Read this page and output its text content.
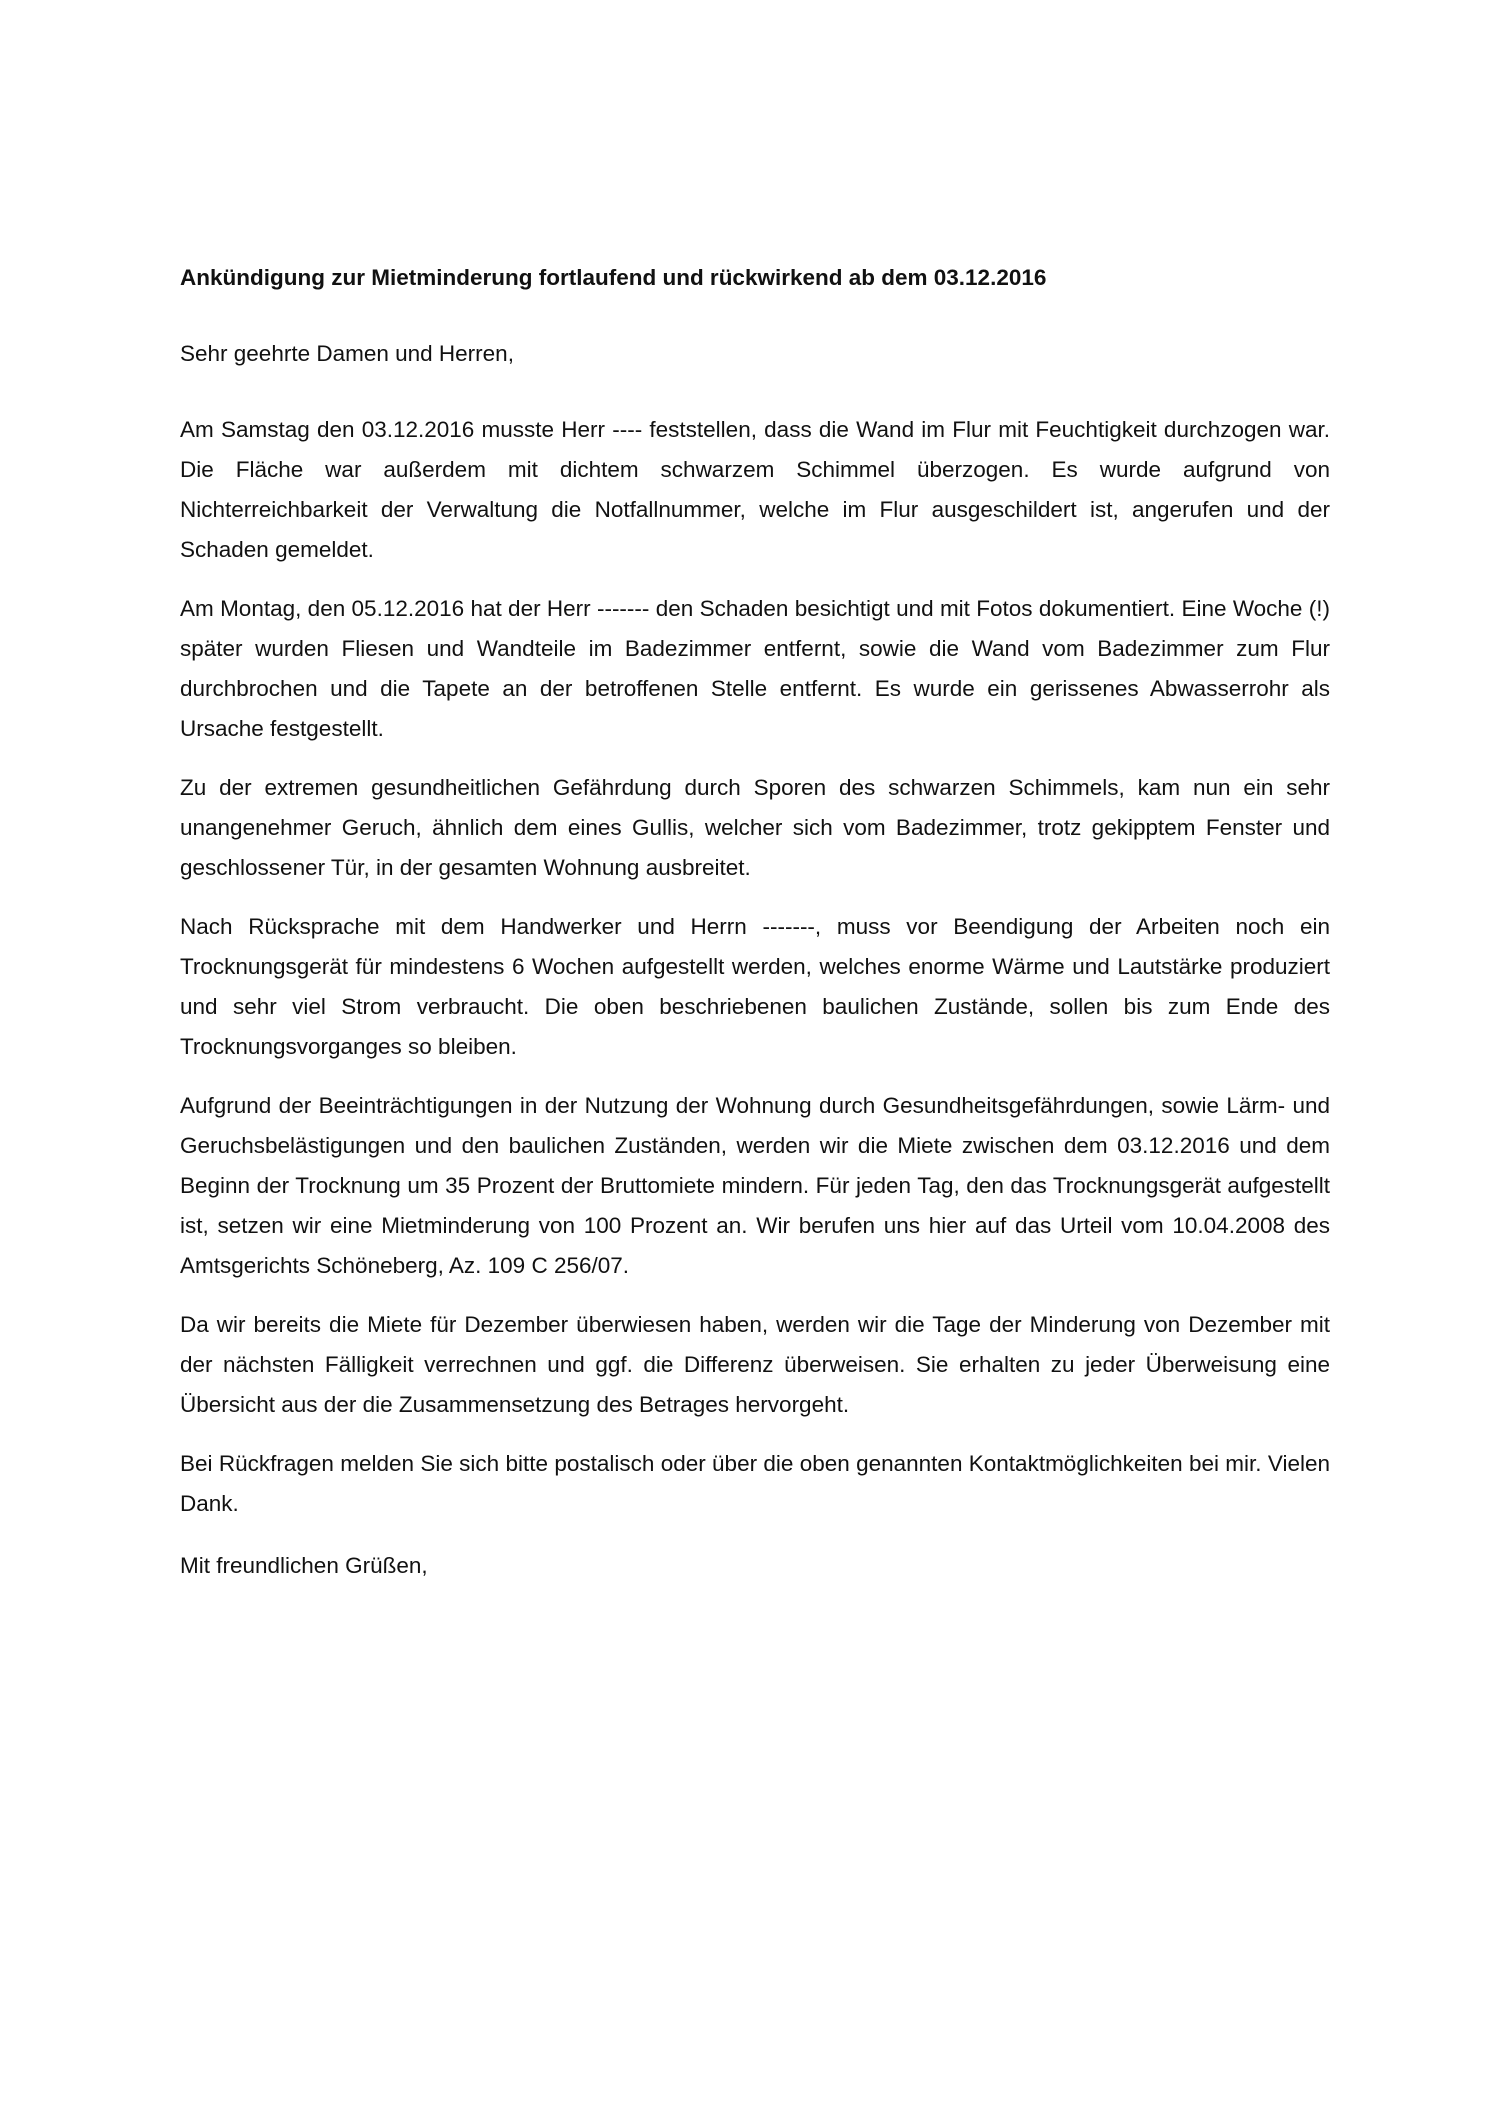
Ankündigung zur Mietminderung fortlaufend und rückwirkend ab dem 03.12.2016
Sehr geehrte Damen und Herren,

Am Samstag den 03.12.2016 musste Herr ---- feststellen, dass die Wand im Flur mit Feuchtigkeit durchzogen war. Die Fläche war außerdem mit dichtem schwarzem Schimmel überzogen. Es wurde aufgrund von Nichterreichbarkeit der Verwaltung die Notfallnummer, welche im Flur ausgeschildert ist, angerufen und der Schaden gemeldet.

Am Montag, den 05.12.2016 hat der Herr ------- den Schaden besichtigt und mit Fotos dokumentiert. Eine Woche (!) später wurden Fliesen und Wandteile im Badezimmer entfernt, sowie die Wand vom Badezimmer zum Flur durchbrochen und die Tapete an der betroffenen Stelle entfernt. Es wurde ein gerissenes Abwasserrohr als Ursache festgestellt.

Zu der extremen gesundheitlichen Gefährdung durch Sporen des schwarzen Schimmels, kam nun ein sehr unangenehmer Geruch, ähnlich dem eines Gullis, welcher sich vom Badezimmer, trotz gekipptem Fenster und geschlossener Tür, in der gesamten Wohnung ausbreitet.

Nach Rücksprache mit dem Handwerker und Herrn -------, muss vor Beendigung der Arbeiten noch ein Trocknungsgerät für mindestens 6 Wochen aufgestellt werden, welches enorme Wärme und Lautstärke produziert und sehr viel Strom verbraucht. Die oben beschriebenen baulichen Zustände, sollen bis zum Ende des Trocknungsvorganges so bleiben.

Aufgrund der Beeinträchtigungen in der Nutzung der Wohnung durch Gesundheitsgefährdungen, sowie Lärm- und Geruchsbelästigungen und den baulichen Zuständen, werden wir die Miete zwischen dem 03.12.2016 und dem Beginn der Trocknung um 35 Prozent der Bruttomiete mindern. Für jeden Tag, den das Trocknungsgerät aufgestellt ist, setzen wir eine Mietminderung von 100 Prozent an. Wir berufen uns hier auf das Urteil vom 10.04.2008 des Amtsgerichts Schöneberg, Az. 109 C 256/07.

Da wir bereits die Miete für Dezember überwiesen haben, werden wir die Tage der Minderung von Dezember mit der nächsten Fälligkeit verrechnen und ggf. die Differenz überweisen. Sie erhalten zu jeder Überweisung eine Übersicht aus der die Zusammensetzung des Betrages hervorgeht.

Bei Rückfragen melden Sie sich bitte postalisch oder über die oben genannten Kontaktmöglichkeiten bei mir. Vielen Dank.

Mit freundlichen Grüßen,
